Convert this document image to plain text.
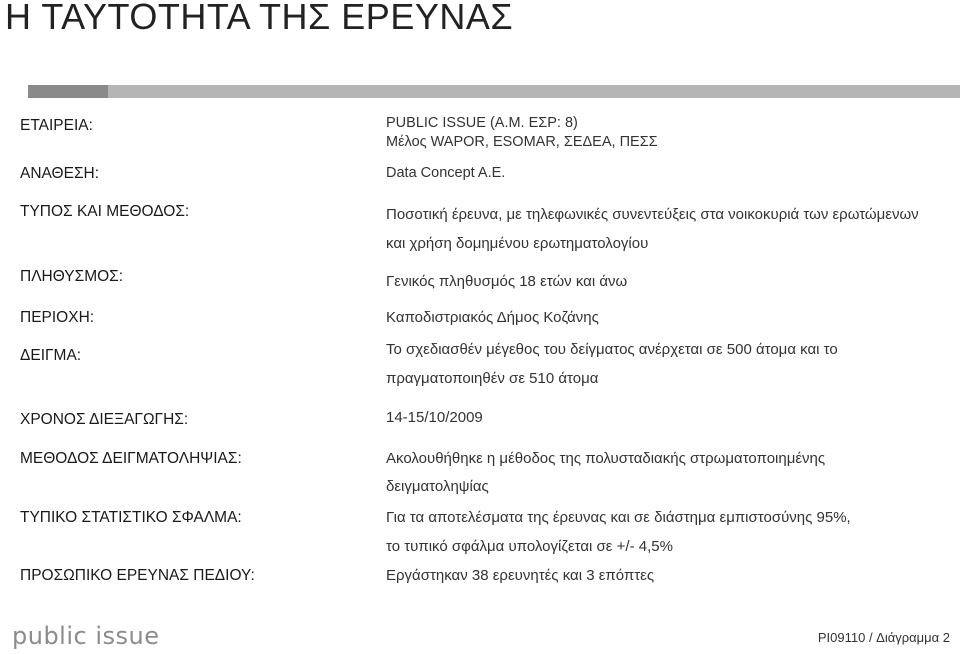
Η ΤΑΥΤΟΤΗΤΑ ΤΗΣ ΕΡΕΥΝΑΣ
ΕΤΑΙΡΕΙΑ:
ΑΝΑΘΕΣΗ:
ΤΥΠΟΣ ΚΑΙ ΜΕΘΟΔΟΣ:
ΠΛΗΘΥΣΜΟΣ:
ΠΕΡΙΟΧΗ:
ΔΕΙΓΜΑ:
ΧΡΟΝΟΣ ΔΙΕΞΑΓΩΓΗΣ:
ΜΕΘΟΔΟΣ ΔΕΙΓΜΑΤΟΛΗΨΙΑΣ:
ΤΥΠΙΚΟ ΣΤΑΤΙΣΤΙΚΟ ΣΦΑΛΜΑ:
ΠΡΟΣΩΠΙΚΟ ΕΡΕΥΝΑΣ ΠΕΔΙΟΥ:
PUBLIC ISSUE (Α.Μ. ΕΣΡ: 8)
Μέλος WAPOR, ESOMAR, ΣΕΔΕΑ, ΠΕΣΣ
Data Concept A.E.
Ποσοτική έρευνα, με τηλεφωνικές συνεντεύξεις στα νοικοκυριά των ερωτώμενων
και χρήση δομημένου ερωτηματολογίου
Γενικός πληθυσμός 18 ετών και άνω
Καποδιστριακός Δήμος Κοζάνης
Το σχεδιασθέν μέγεθος του δείγματος ανέρχεται σε 500 άτομα και το
πραγματοποιηθέν σε 510 άτομα
14-15/10/2009
Ακολουθήθηκε η μέθοδος της πολυσταδιακής στρωματοποιημένης
δειγματοληψίας
Για τα αποτελέσματα της έρευνας και σε διάστημα εμπιστοσύνης 95%,
το τυπικό σφάλμα υπολογίζεται σε +/- 4,5%
Εργάστηκαν 38 ερευνητές και 3 επόπτες
public issue	PI09110 / Διάγραμμα 2
